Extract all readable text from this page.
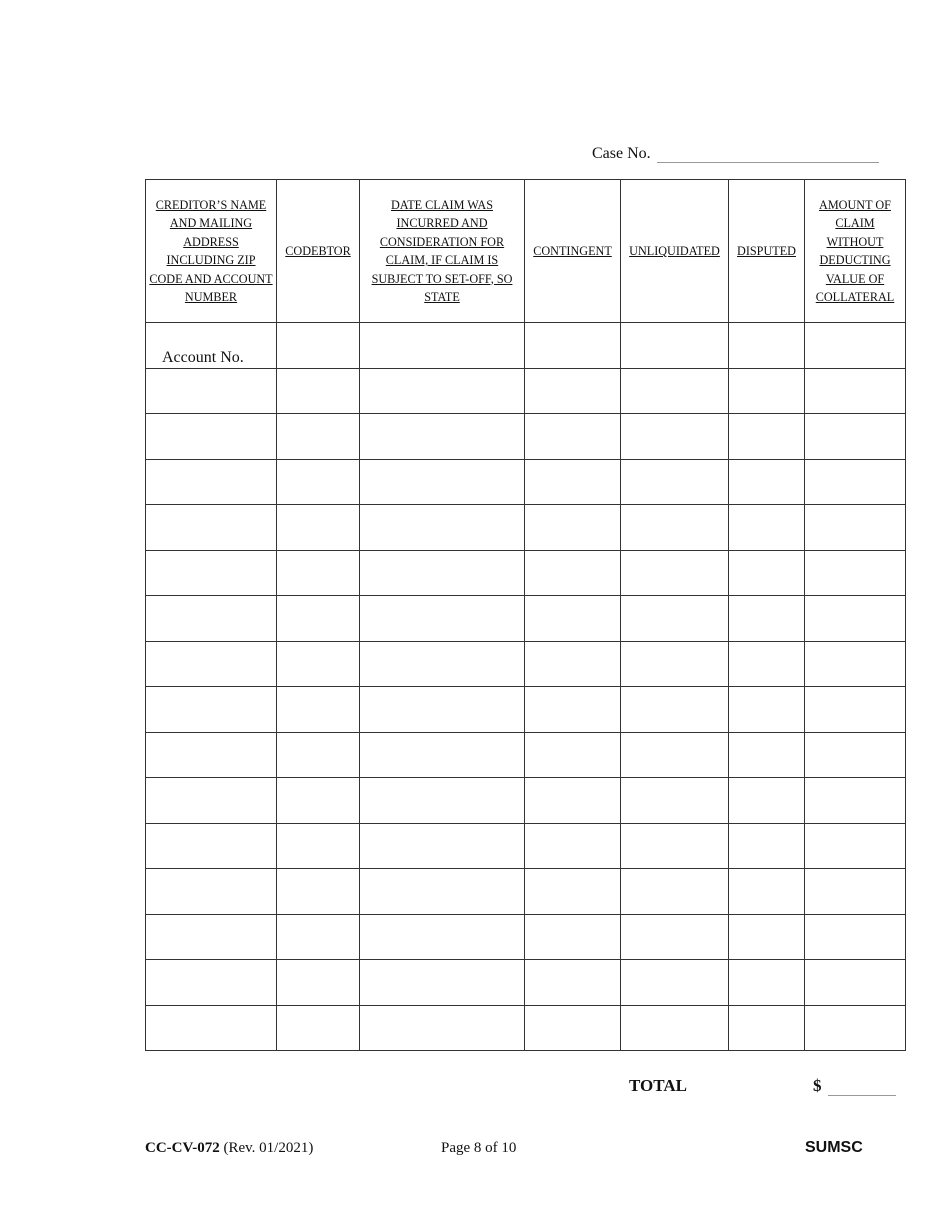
Case No.
CREDITOR’S NAME AND MAILING ADDRESS INCLUDING ZIP CODE AND ACCOUNT NUMBER	CODEBTOR	DATE CLAIM WAS INCURRED AND CONSIDERATION FOR CLAIM, IF CLAIM IS SUBJECT TO SET-OFF, SO STATE	CONTINGENT	UNLIQUIDATED	DISPUTED	AMOUNT OF CLAIM WITHOUT DEDUCTING VALUE OF COLLATERAL

Account No.						

TOTAL	$
CC-CV-072 (Rev. 01/2021)	Page 8 of 10	SUMSC
